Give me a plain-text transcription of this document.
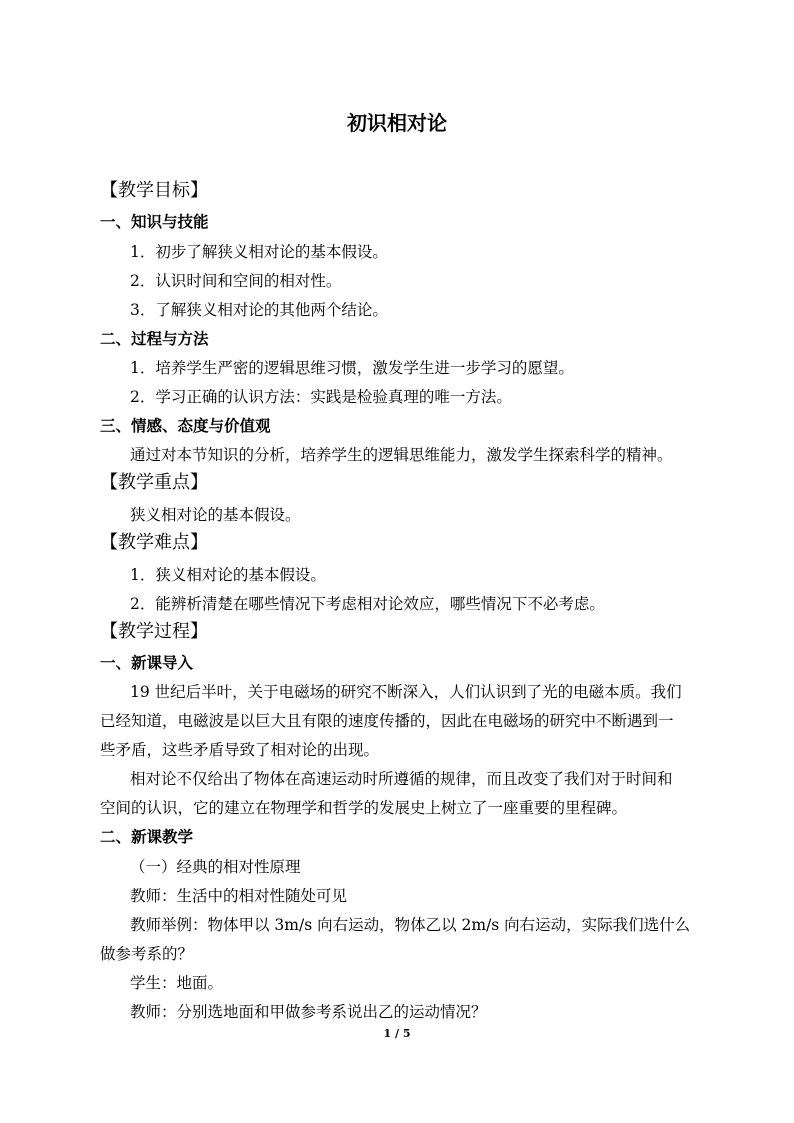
初识相对论
【教学目标】
一、知识与技能
1．初步了解狭义相对论的基本假设。
2．认识时间和空间的相对性。
3．了解狭义相对论的其他两个结论。
二、过程与方法
1．培养学生严密的逻辑思维习惯，激发学生进一步学习的愿望。
2．学习正确的认识方法：实践是检验真理的唯一方法。
三、情感、态度与价值观
通过对本节知识的分析，培养学生的逻辑思维能力，激发学生探索科学的精神。
【教学重点】
狭义相对论的基本假设。
【教学难点】
1．狭义相对论的基本假设。
2．能辨析清楚在哪些情况下考虑相对论效应，哪些情况下不必考虑。
【教学过程】
一、新课导入
19 世纪后半叶，关于电磁场的研究不断深入，人们认识到了光的电磁本质。我们
已经知道，电磁波是以巨大且有限的速度传播的，因此在电磁场的研究中不断遇到一
些矛盾，这些矛盾导致了相对论的出现。
相对论不仅给出了物体在高速运动时所遵循的规律，而且改变了我们对于时间和
空间的认识，它的建立在物理学和哲学的发展史上树立了一座重要的里程碑。
二、新课教学
（一）经典的相对性原理
教师：生活中的相对性随处可见
教师举例：物体甲以 3m/s 向右运动，物体乙以 2m/s 向右运动，实际我们选什么
做参考系的？
学生：地面。
教师：分别选地面和甲做参考系说出乙的运动情况？
1 / 5
